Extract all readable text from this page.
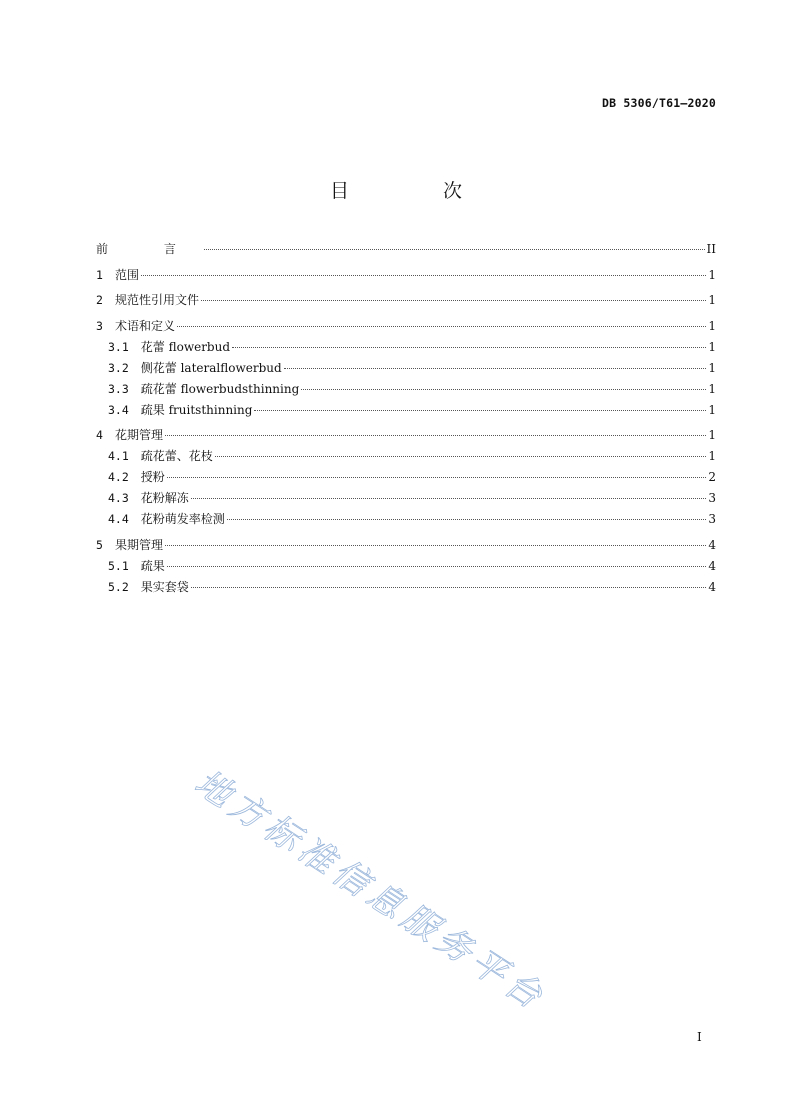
DB 5306/T61—2020
目 次
前 言	II
1 范围	1
2 规范性引用文件	1
3 术语和定义	1
3.1 花蕾 flowerbud	1
3.2 侧花蕾 lateralflowerbud	1
3.3 疏花蕾 flowerbudsthinning	1
3.4 疏果 fruitsthinning	1
4 花期管理	1
4.1 疏花蕾、花枝	1
4.2 授粉	2
4.3 花粉解冻	3
4.4 花粉萌发率检测	3
5 果期管理	4
5.1 疏果	4
5.2 果实套袋	4
地方标准信息服务平台
I
